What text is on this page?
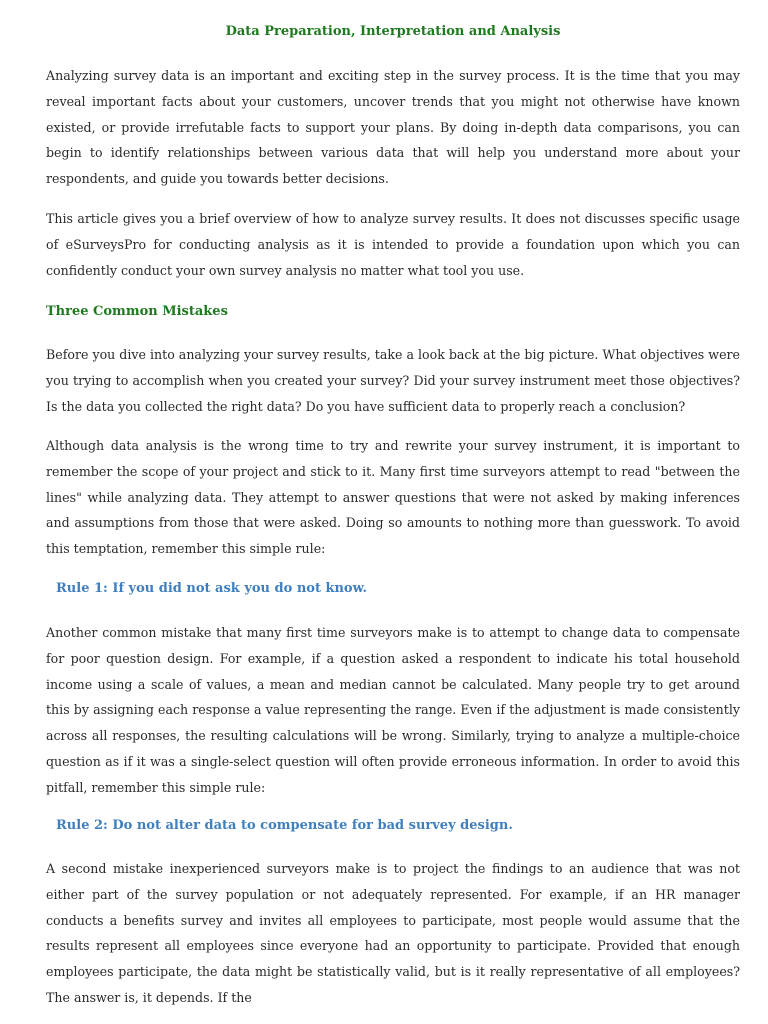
Data Preparation, Interpretation and Analysis

Analyzing survey data is an important and exciting step in the survey process. It is the time that you may reveal important facts about your customers, uncover trends that you might not otherwise have known existed, or provide irrefutable facts to support your plans. By doing in-depth data comparisons, you can begin to identify relationships between various data that will help you understand more about your respondents, and guide you towards better decisions.

This article gives you a brief overview of how to analyze survey results. It does not discusses specific usage of eSurveysPro for conducting analysis as it is intended to provide a foundation upon which you can confidently conduct your own survey analysis no matter what tool you use.

Three Common Mistakes

Before you dive into analyzing your survey results, take a look back at the big picture. What objectives were you trying to accomplish when you created your survey? Did your survey instrument meet those objectives? Is the data you collected the right data? Do you have sufficient data to properly reach a conclusion?

Although data analysis is the wrong time to try and rewrite your survey instrument, it is important to remember the scope of your project and stick to it. Many first time surveyors attempt to read "between the lines" while analyzing data. They attempt to answer questions that were not asked by making inferences and assumptions from those that were asked. Doing so amounts to nothing more than guesswork. To avoid this temptation, remember this simple rule:

Rule 1: If you did not ask you do not know.

Another common mistake that many first time surveyors make is to attempt to change data to compensate for poor question design. For example, if a question asked a respondent to indicate his total household income using a scale of values, a mean and median cannot be calculated. Many people try to get around this by assigning each response a value representing the range. Even if the adjustment is made consistently across all responses, the resulting calculations will be wrong. Similarly, trying to analyze a multiple-choice question as if it was a single-select question will often provide erroneous information. In order to avoid this pitfall, remember this simple rule:

Rule 2: Do not alter data to compensate for bad survey design.

A second mistake inexperienced surveyors make is to project the findings to an audience that was not either part of the survey population or not adequately represented. For example, if an HR manager conducts a benefits survey and invites all employees to participate, most people would assume that the results represent all employees since everyone had an opportunity to participate. Provided that enough employees participate, the data might be statistically valid, but is it really representative of all employees? The answer is, it depends. If the
